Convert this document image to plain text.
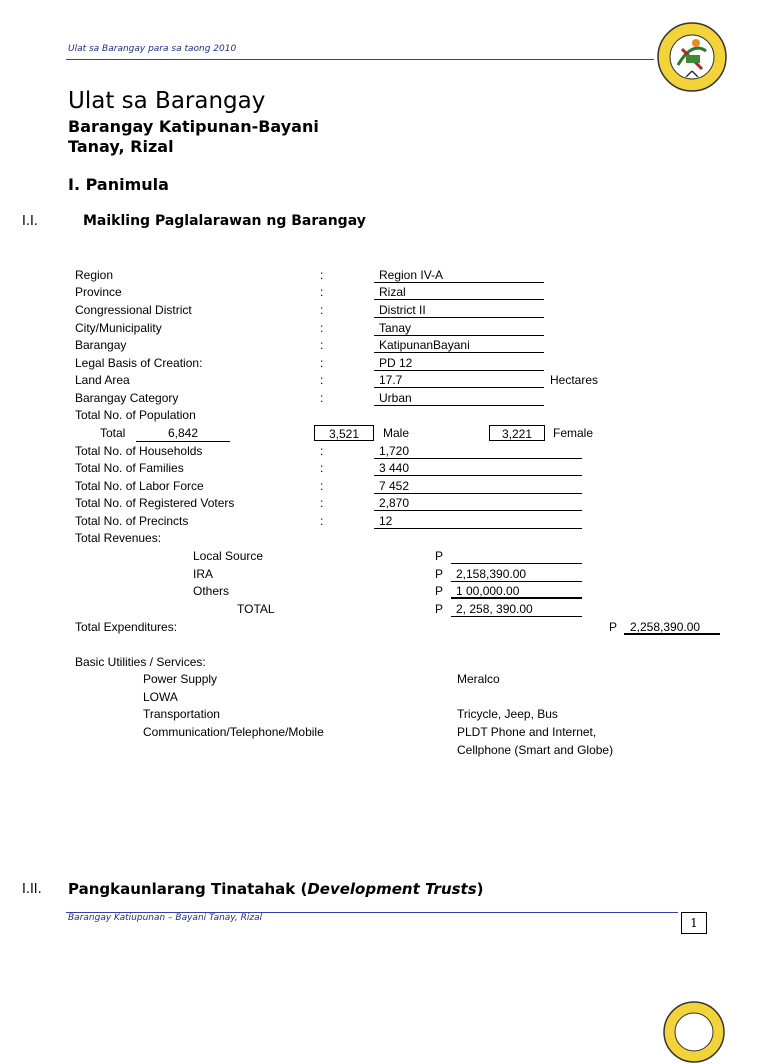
Ulat sa Barangay para sa taong 2010
Ulat sa Barangay
Barangay Katipunan-Bayani
Tanay, Rizal
I. Panimula
I.I.	Maikling Paglalarawan ng Barangay
Region	:	Region IV-A
Province	:	Rizal
Congressional District	:	District II
City/Municipality	:	Tanay
Barangay	:	KatipunanBayani
Legal Basis of Creation:	:	PD 12
Land Area	:	17.7	Hectares
Barangay Category	:	Urban
Total No. of Population
Total	6,842	3,521	Male	3,221	Female
Total No. of Households	:	1,720
Total No. of Families	:	3 440
Total No. of Labor Force	:	7 452
Total No. of Registered Voters	:	2,870
Total No. of Precincts	:	12
Total Revenues:
Local Source	P
IRA	P	2,158,390.00
Others	P	1 00,000.00
TOTAL	P	2, 258, 390.00
Total Expenditures:	P	2,258,390.00
Basic Utilities / Services:
Power Supply	Meralco
LOWA
Transportation	Tricycle, Jeep, Bus
Communication/Telephone/Mobile	PLDT Phone and Internet,
Cellphone (Smart and Globe)
I.II. Pangkaunlarang Tinatahak (Development Trusts)
Barangay Katiupunan – Bayani Tanay, Rizal	1
